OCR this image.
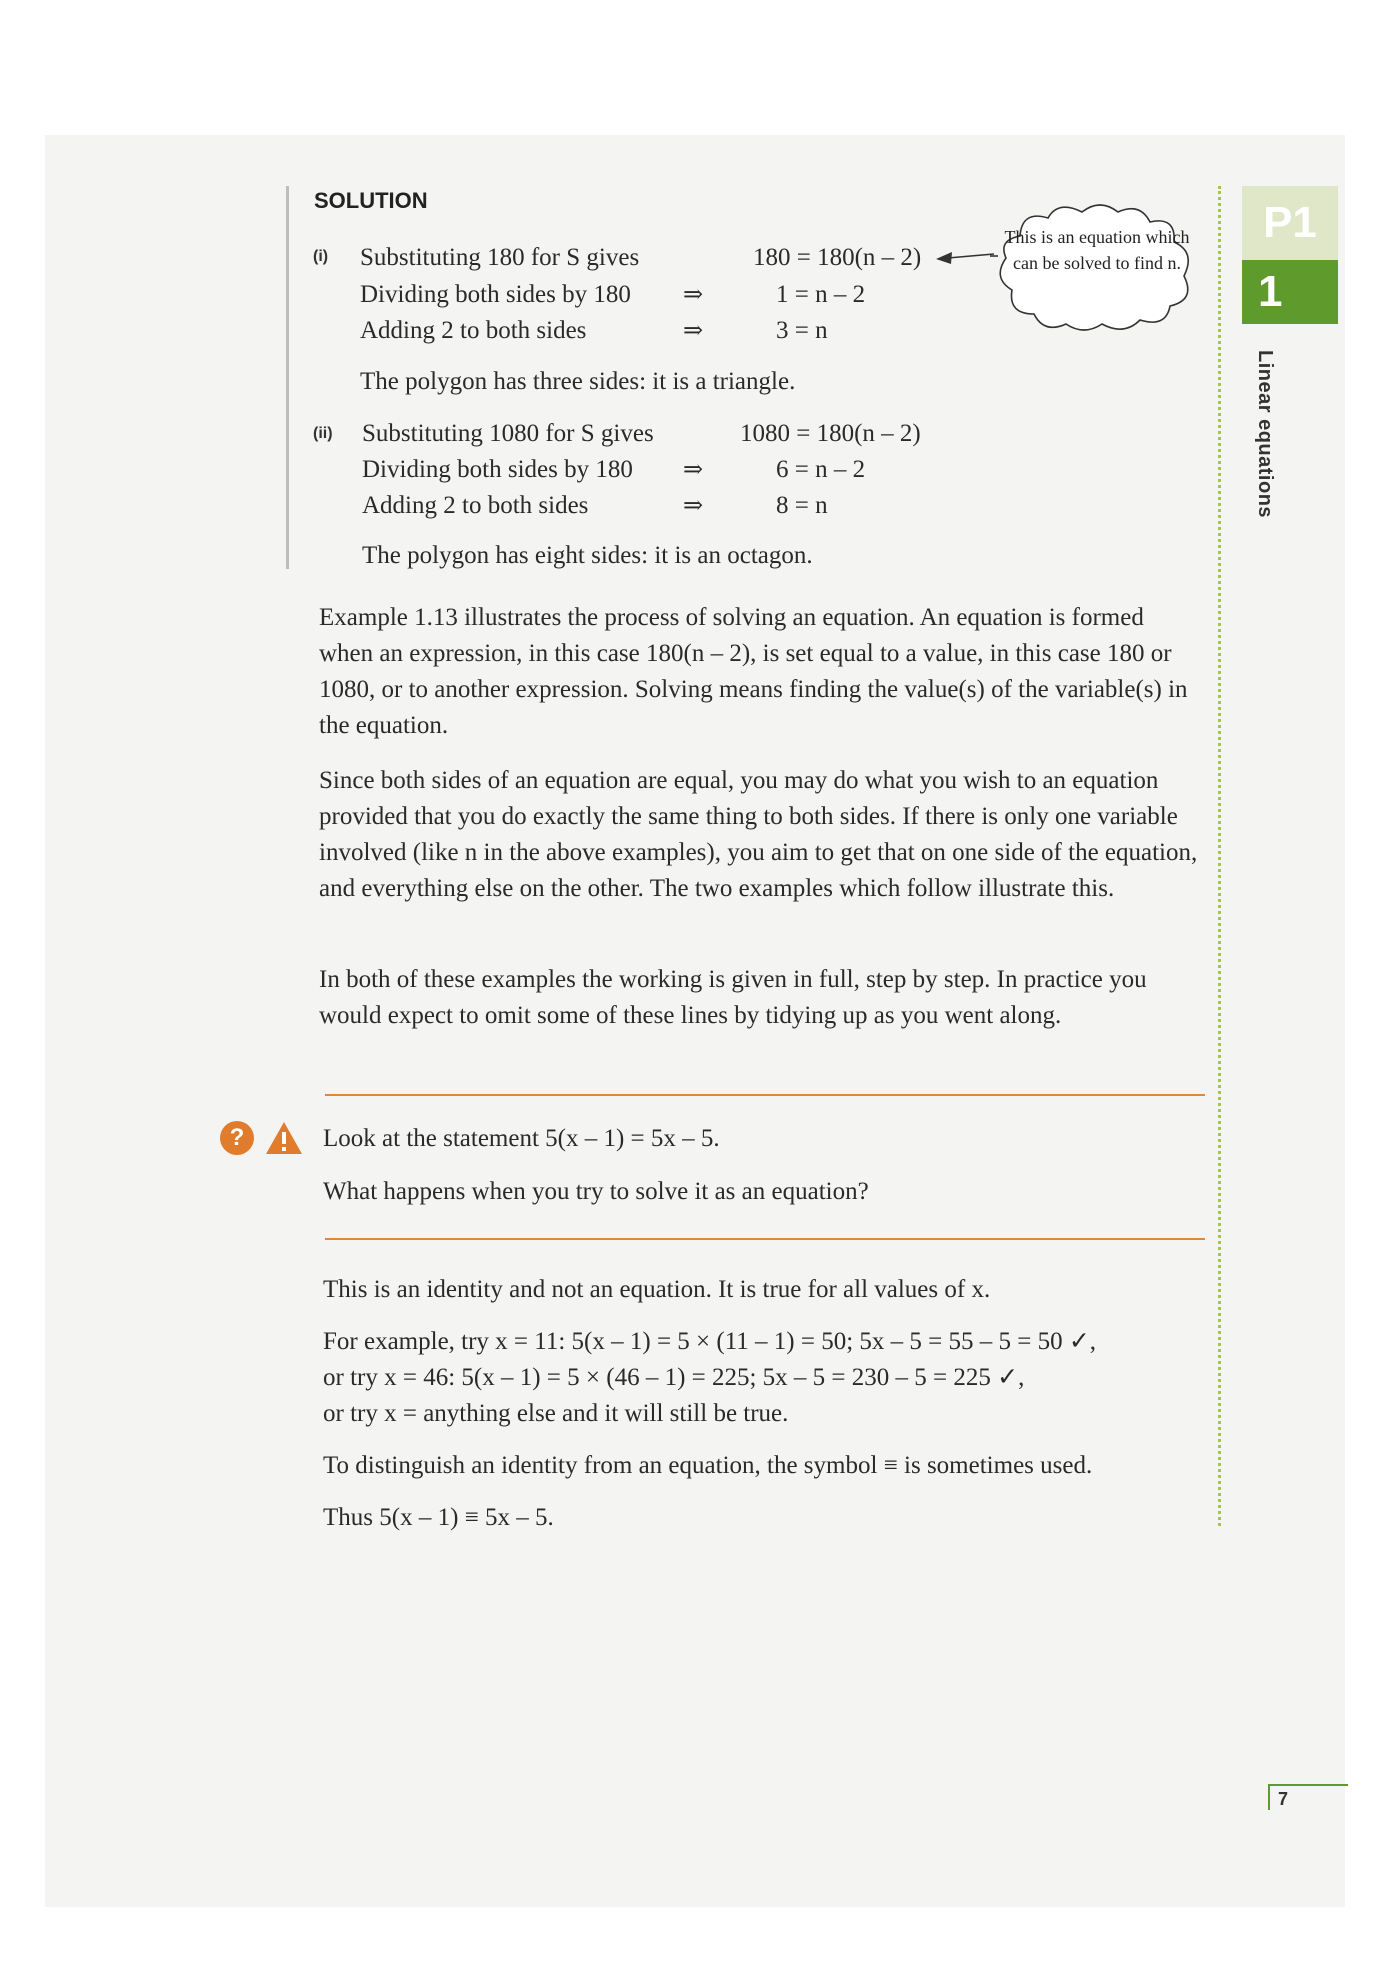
SOLUTION
(i) Substituting 180 for S gives	180 = 180(n – 2)
Dividing both sides by 180 ⇒	1 = n – 2
Adding 2 to both sides	⇒	3 = n
The polygon has three sides: it is a triangle.
(ii) Substituting 1080 for S gives	1080 = 180(n – 2)
Dividing both sides by 180 ⇒	6 = n – 2
Adding 2 to both sides	⇒	8 = n
The polygon has eight sides: it is an octagon.
This is an equation which can be solved to find n.

Example 1.13 illustrates the process of solving an equation. An equation is formed when an expression, in this case 180(n – 2), is set equal to a value, in this case 180 or 1080, or to another expression. Solving means finding the value(s) of the variable(s) in the equation.

Since both sides of an equation are equal, you may do what you wish to an equation provided that you do exactly the same thing to both sides. If there is only one variable involved (like n in the above examples), you aim to get that on one side of the equation, and everything else on the other. The two examples which follow illustrate this.

In both of these examples the working is given in full, step by step. In practice you would expect to omit some of these lines by tidying up as you went along.

?	Look at the statement 5(x – 1) = 5x – 5.
What happens when you try to solve it as an equation?
This is an identity and not an equation. It is true for all values of x.
For example, try x = 11: 5(x – 1) = 5 × (11 – 1) = 50; 5x – 5 = 55 – 5 = 50 ✓,
or try x = 46: 5(x – 1) = 5 × (46 – 1) = 225; 5x – 5 = 230 – 5 = 225 ✓,
or try x = anything else and it will still be true.
To distinguish an identity from an equation, the symbol ≡ is sometimes used.
Thus 5(x – 1) ≡ 5x – 5.
P1
1
Linear equations
7
